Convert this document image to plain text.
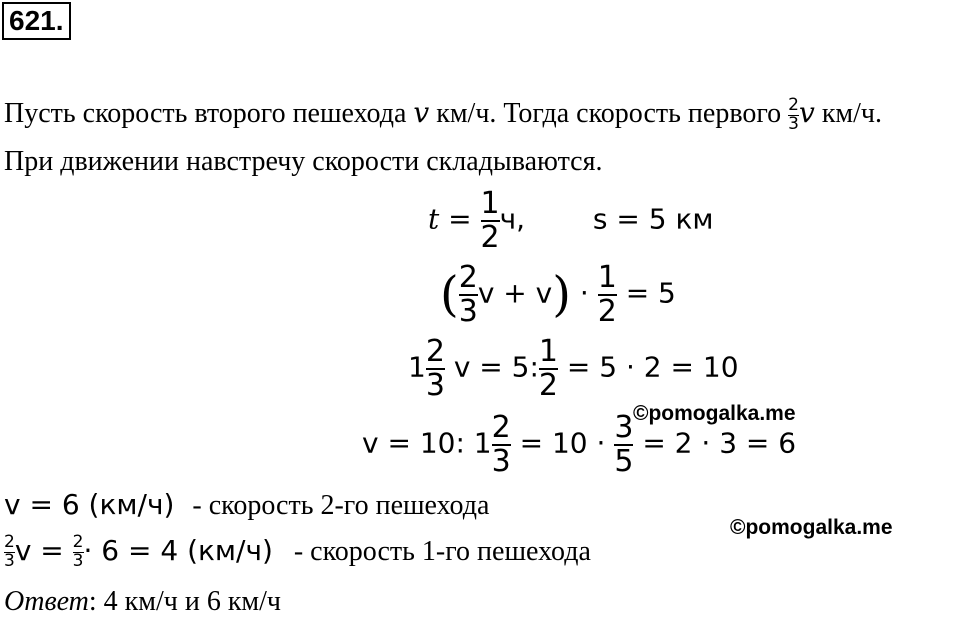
621.
Пусть скорость второго пешехода v км/ч. Тогда скорость первого $\frac{2}{3}$ v км/ч.
При движении навстречу скорости складываются.
$t = \frac{1}{2} ч$, s = 5 км
( $\frac{2}{3}$ $v + v) \cdot \frac{1}{2} = 5$
$1 \frac{2}{3}$ v = 5: $\frac{1}{2} = 5 \cdot 2 = 10$
©pomogalka.me
v = 10: $1 \frac{2}{3} = 10 \cdot \frac{3}{5} = 2 \cdot 3 = 6$
v = 6 (км/ч) - скорость 2-го пешехода
©pomogalka.me
$\frac{2}{3}$ $v = \frac{2}{3} \cdot 6 = 4$ (км/ч) - скорость 1-го пешехода
Ответ: 4 км/ч и 6 км/ч
